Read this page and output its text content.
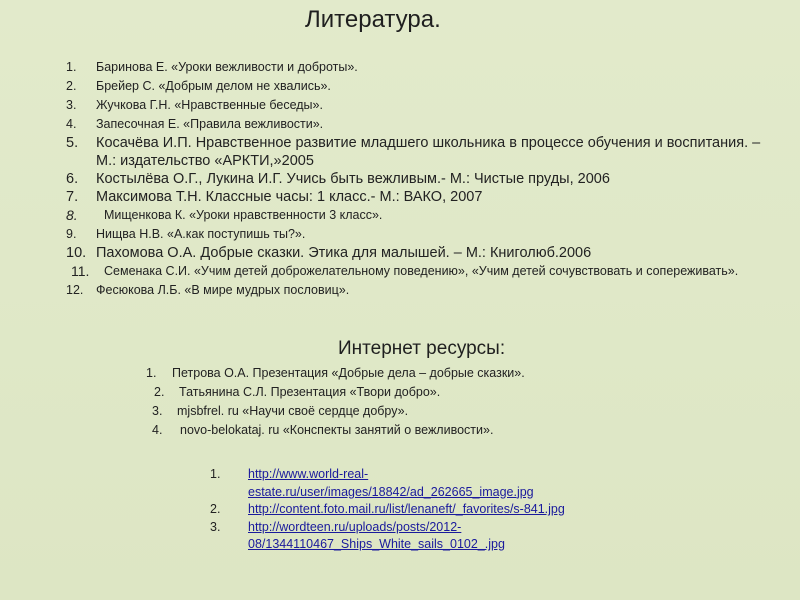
Литература.
1. Баринова Е. «Уроки вежливости и доброты».
2. Брейер С. «Добрым делом не хвались».
3. Жучкова Г.Н. «Нравственные беседы».
4. Запесочная Е. «Правила вежливости».
5. Косачёва И.П. Нравственное развитие младшего школьника в процессе обучения и воспитания. – М.: издательство «АРКТИ,»2005
6. Костылёва О.Г., Лукина И.Г. Учись быть вежливым.- М.: Чистые пруды, 2006
7. Максимова Т.Н. Классные часы: 1 класс.- М.: ВАКО, 2007
8. Мищенкова К. «Уроки нравственности 3 класс».
9. Нищва Н.В. «А.как поступишь ты?».
10. Пахомова О.А. Добрые сказки. Этика для малышей. – М.: Книголюб.2006
11.	Семенака С.И. «Учим детей доброжелательному поведению», «Учим детей сочувствовать и сопереживать».
12. Фесюкова Л.Б. «В мире мудрых пословиц».
Интернет ресурсы:
1. Петрова О.А. Презентация «Добрые дела – добрые сказки».
2. Татьянина С.Л. Презентация «Твори добро».
3. mjsbfrel. ru «Научи своё сердце добру».
4. novo-belokataj. ru «Конспекты занятий о вежливости».
1. http://www.world-real-
estate.ru/user/images/18842/ad_262665_image.jpg
2. http://content.foto.mail.ru/list/lenaneft/_favorites/s-841.jpg
3. http://wordteen.ru/uploads/posts/2012-
08/1344110467_Ships_White_sails_0102_.jpg
